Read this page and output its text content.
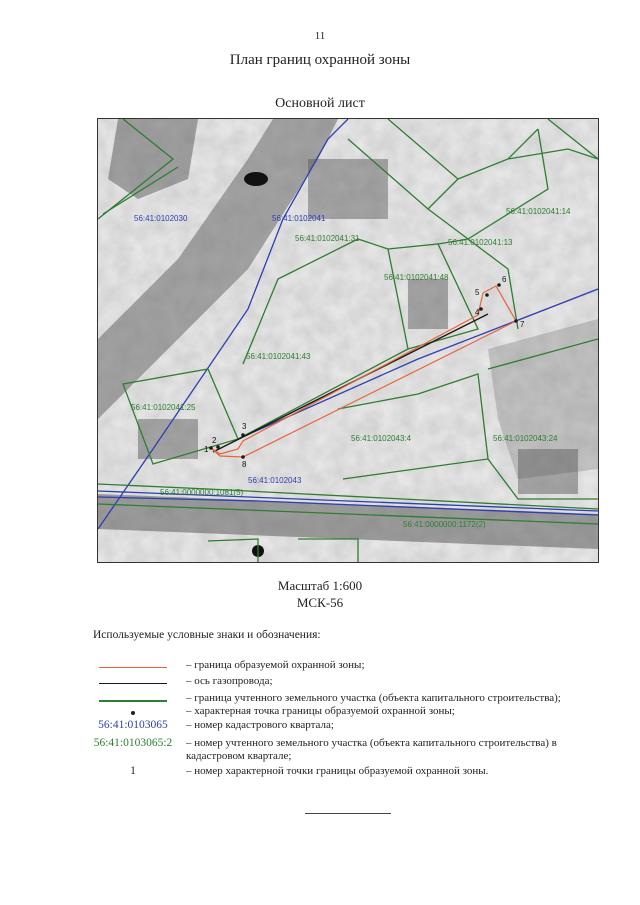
11
План границ охранной зоны
Основной лист
1
2
3
4
5
6
7
8
56:41:0102030	56:41:0102041
56:41:0102043
56:41:0102041:31
56:41:0102041:14
56:41:0102041:13
56:41:0102041:48
56:41:0102041:43
56:41:0102041:25
56:41:0102043:4	56:41:0102043:24
56:41:0000000:1081(5)
56:41:0000000:1172(2)
Масштаб 1:600
МСК-56
Используемые условные знаки и обозначения:
– граница образуемой охранной зоны;
– ось газопровода;
– граница учтенного земельного участка (объекта капитального строительства);
– характерная точка границы образуемой охранной зоны;
56:41:0103065	– номер кадастрового квартала;
56:41:0103065:2 – номер учтенного земельного участка (объекта капитального строительства) в кадастровом квартале;
1	– номер характерной точки границы образуемой охранной зоны.
